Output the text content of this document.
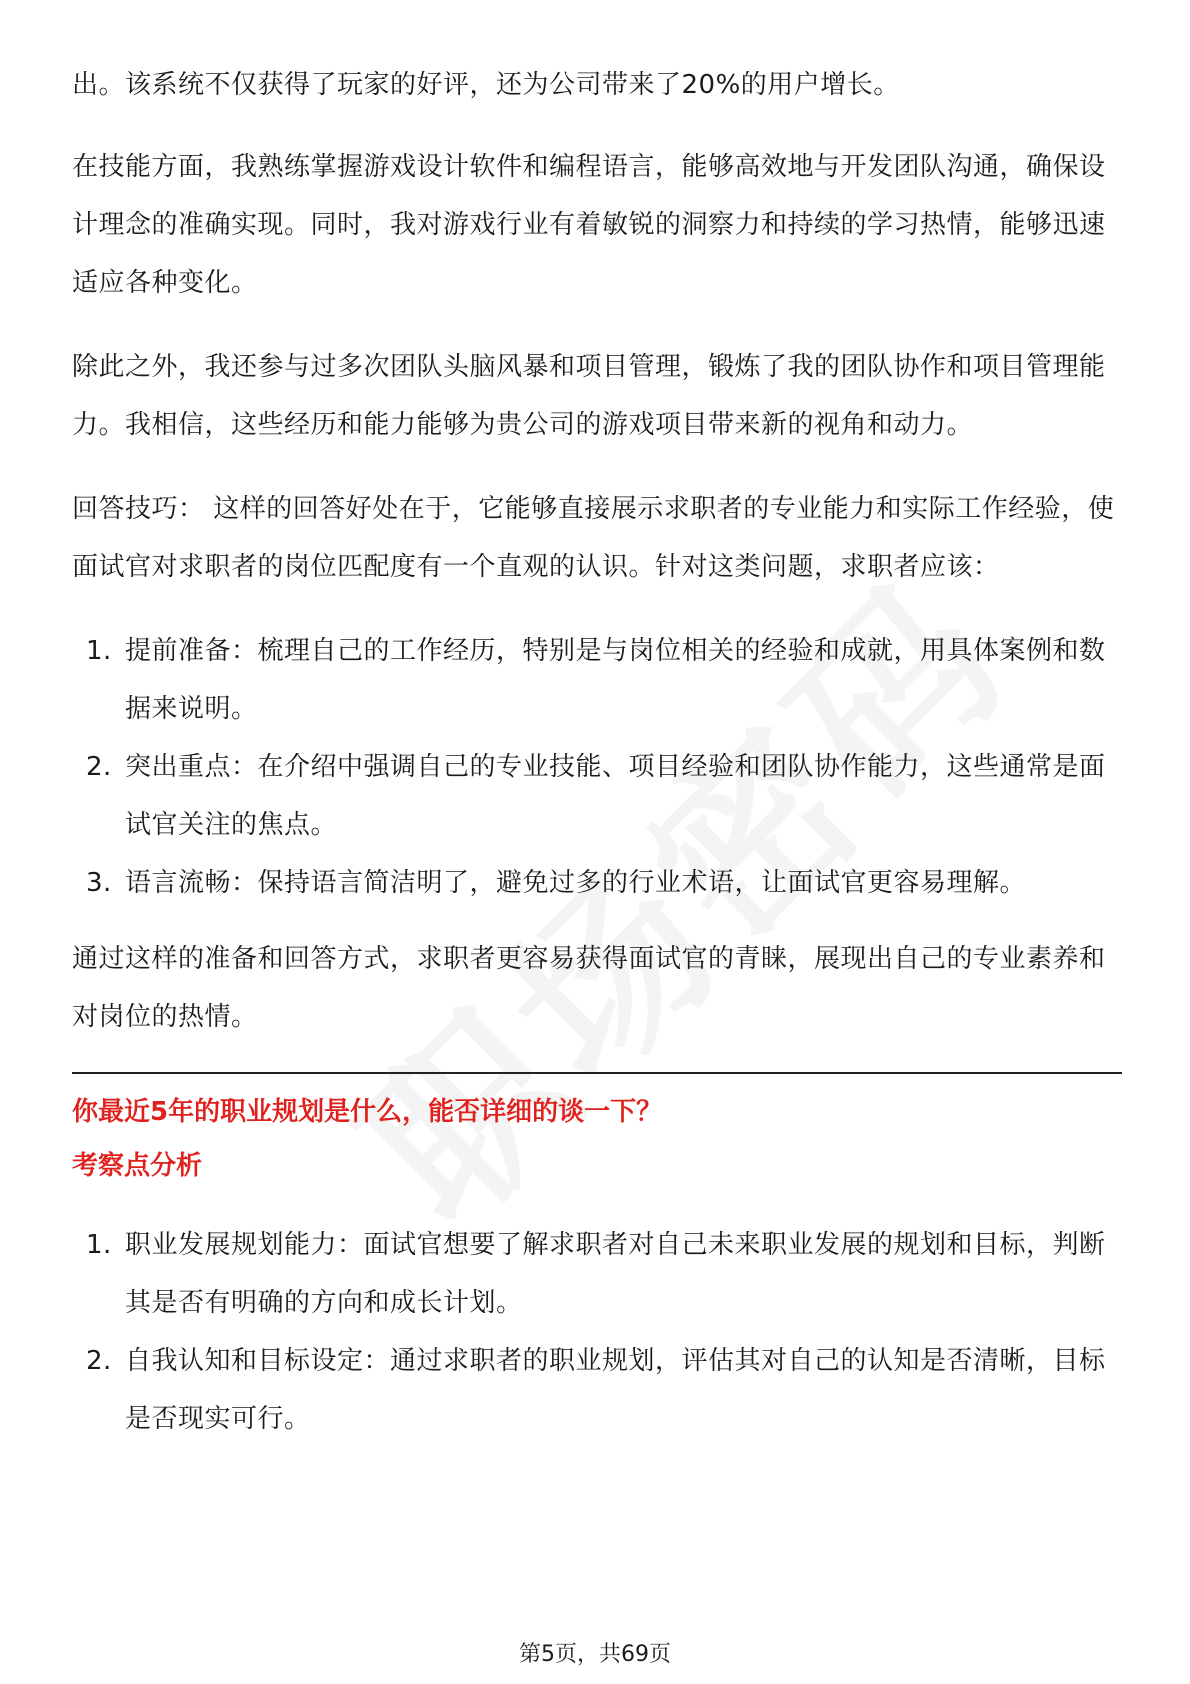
出。该系统不仅获得了玩家的好评，还为公司带来了20%的用户增长。

在技能方面，我熟练掌握游戏设计软件和编程语言，能够高效地与开发团队沟通，确保设计理念的准确实现。同时，我对游戏行业有着敏锐的洞察力和持续的学习热情，能够迅速适应各种变化。

除此之外，我还参与过多次团队头脑风暴和项目管理，锻炼了我的团队协作和项目管理能力。我相信，这些经历和能力能够为贵公司的游戏项目带来新的视角和动力。

回答技巧： 这样的回答好处在于，它能够直接展示求职者的专业能力和实际工作经验，使面试官对求职者的岗位匹配度有一个直观的认识。针对这类问题，求职者应该：

1. 提前准备：梳理自己的工作经历，特别是与岗位相关的经验和成就，用具体案例和数据来说明。
2. 突出重点：在介绍中强调自己的专业技能、项目经验和团队协作能力，这些通常是面试官关注的焦点。
3. 语言流畅：保持语言简洁明了，避免过多的行业术语，让面试官更容易理解。

通过这样的准备和回答方式，求职者更容易获得面试官的青睐，展现出自己的专业素养和对岗位的热情。

你最近5年的职业规划是什么，能否详细的谈一下？
考察点分析
1. 职业发展规划能力：面试官想要了解求职者对自己未来职业发展的规划和目标，判断其是否有明确的方向和成长计划。
2. 自我认知和目标设定：通过求职者的职业规划，评估其对自己的认知是否清晰，目标是否现实可行。
第5页，共69页
